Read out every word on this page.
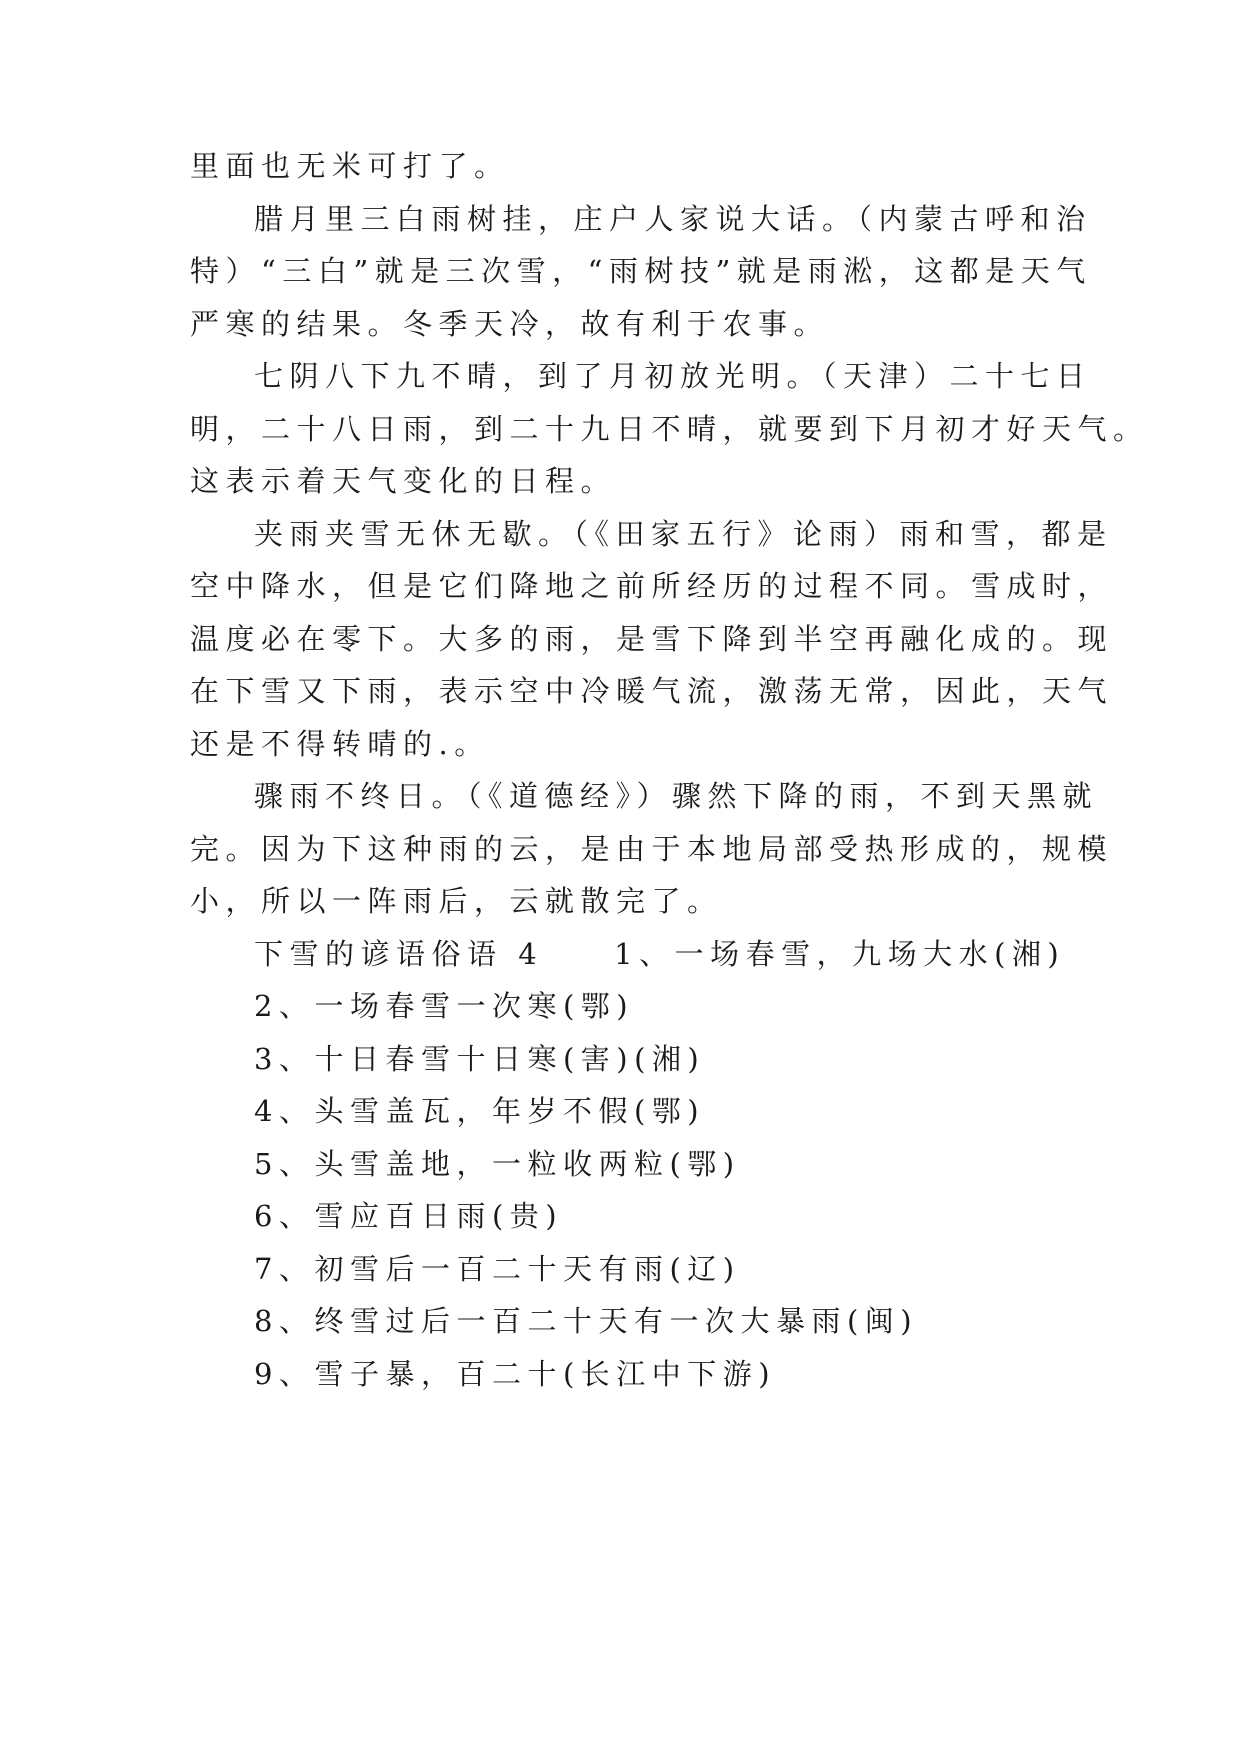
里面也无米可打了。
腊月里三白雨树挂，庄户人家说大话。（内蒙古呼和治
特）“三白”就是三次雪，“雨树技”就是雨淞，这都是天气
严寒的结果。冬季天冷，故有利于农事。
七阴八下九不晴，到了月初放光明。（天津）二十七日
明，二十八日雨，到二十九日不晴，就要到下月初才好天气。
这表示着天气变化的日程。
夹雨夹雪无休无歇。（《田家五行》论雨）雨和雪，都是
空中降水，但是它们降地之前所经历的过程不同。雪成时，
温度必在零下。大多的雨，是雪下降到半空再融化成的。现
在下雪又下雨，表示空中冷暖气流，激荡无常，因此，天气
还是不得转晴的.。
骤雨不终日。（《道德经》）骤然下降的雨，不到天黑就
完。因为下这种雨的云，是由于本地局部受热形成的，规模
小，所以一阵雨后，云就散完了。
下雪的谚语俗语 4　　1、一场春雪，九场大水(湘)
2、一场春雪一次寒(鄂)
3、十日春雪十日寒(害)(湘)
4、头雪盖瓦，年岁不假(鄂)
5、头雪盖地，一粒收两粒(鄂)
6、雪应百日雨(贵)
7、初雪后一百二十天有雨(辽)
8、终雪过后一百二十天有一次大暴雨(闽)
9、雪子暴，百二十(长江中下游)
